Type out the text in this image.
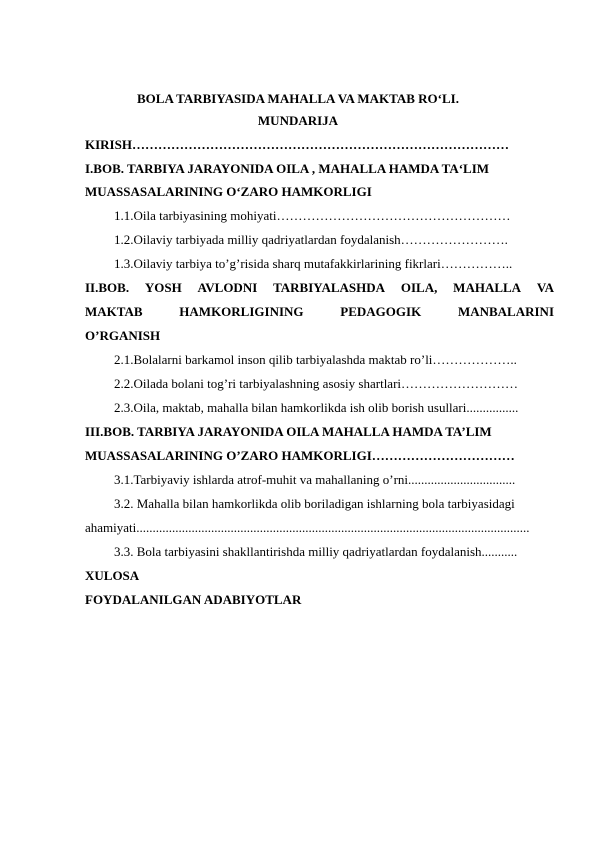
BOLA TARBIYASIDA MAHALLA VA MAKTAB RO‘LI.
MUNDARIJA
KIRISH……………………………………………………………………………
I.BOB. TARBIYA JARAYONIDA OILA , MAHALLA HAMDA TA‘LIM
MUASSASALARINING O‘ZARO HAMKORLIGI
1.1.Oila tarbiyasining mohiyati………………………………………………
1.2.Oilaviy tarbiyada milliy qadriyatlardan foydalanish…………………….
1.3.Oilaviy tarbiya to’g’risida sharq mutafakkirlarining fikrlari……………..
II.BOB. YOSH AVLODNI TARBIYALASHDA OILA, MAHALLA VA
MAKTAB	HAMKORLIGINING	PEDAGOGIK	MANBALARINI
O’RGANISH
2.1.Bolalarni barkamol inson qilib tarbiyalashda maktab ro’li………………..
2.2.Oilada bolani tog’ri tarbiyalashning asosiy shartlari………………………
2.3.Oila, maktab, mahalla bilan hamkorlikda ish olib borish usullari................
III.BOB. TARBIYA JARAYONIDA OILA MAHALLA HAMDA TA’LIM
MUASSASALARINING O’ZARO HAMKORLIGI……………………………
3.1.Tarbiyaviy ishlarda atrof-muhit va mahallaning o’rni.................................
3.2. Mahalla bilan hamkorlikda olib boriladigan ishlarning bola tarbiyasidagi
ahamiyati.........................................................................................................................
3.3. Bola tarbiyasini shakllantirishda milliy qadriyatlardan foydalanish...........
XULOSA
FOYDALANILGAN ADABIYOTLAR
